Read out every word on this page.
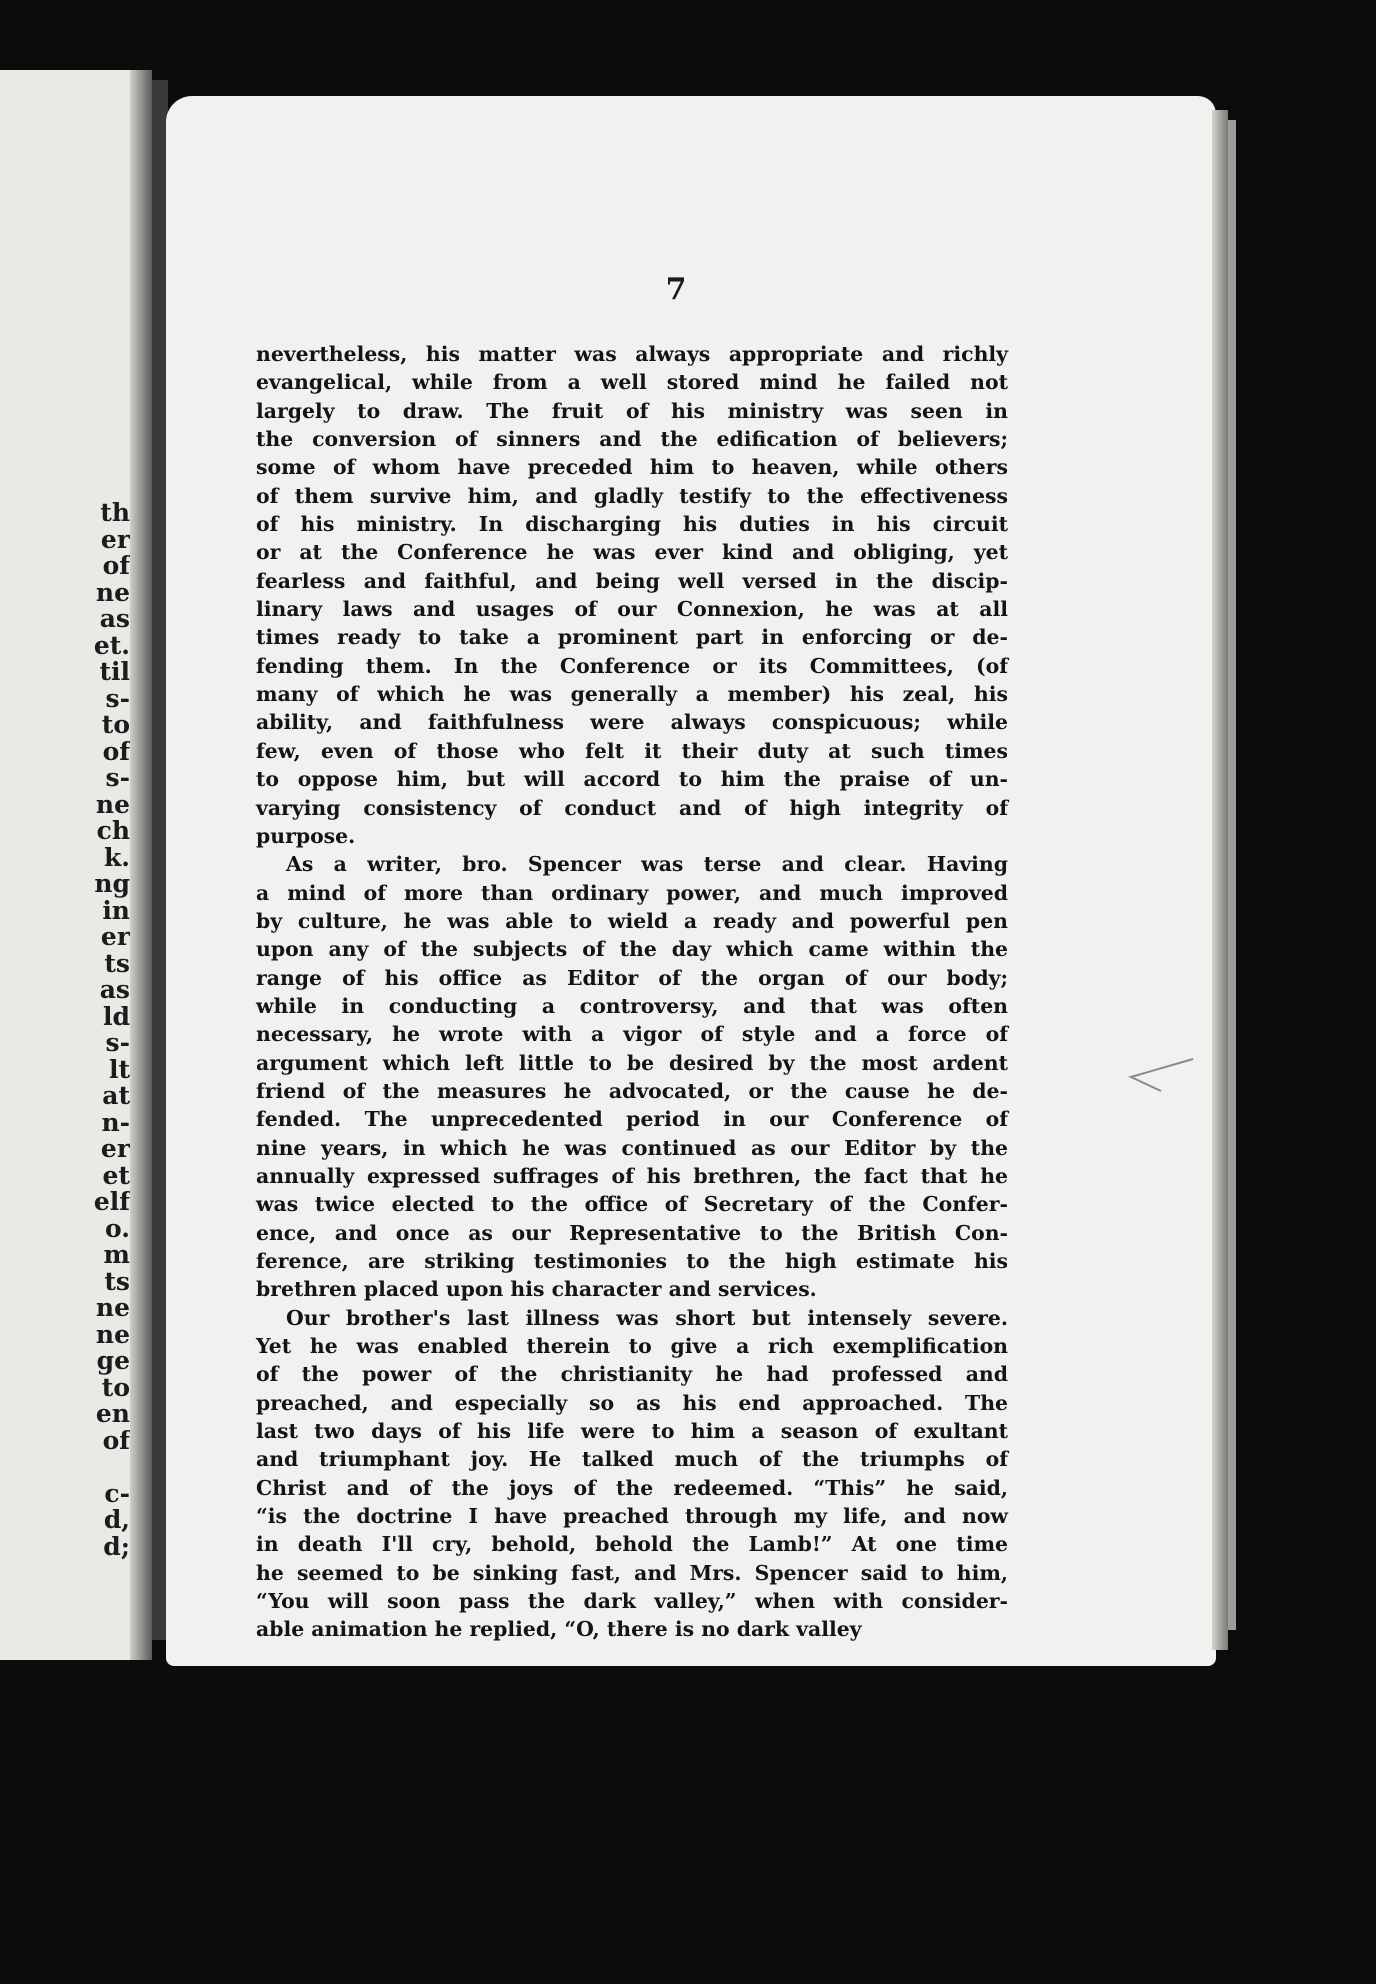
th
er
of
ne
as
et.
til
s-
to
of
s-
ne
ch
k.
ng
in
er
ts
as
ld
s-
lt
at
n-
er
et
elf
o.
m
ts
ne
ne
ge
to
en
of
c-
d,
d;
7
nevertheless, his matter was always appropriate and richly
evangelical, while from a well stored mind he failed not
largely to draw. The fruit of his ministry was seen in
the conversion of sinners and the edification of believers;
some of whom have preceded him to heaven, while others
of them survive him, and gladly testify to the effectiveness
of his ministry. In discharging his duties in his circuit
or at the Conference he was ever kind and obliging, yet
fearless and faithful, and being well versed in the discip-
linary laws and usages of our Connexion, he was at all
times ready to take a prominent part in enforcing or de-
fending them. In the Conference or its Committees, (of
many of which he was generally a member) his zeal, his
ability, and faithfulness were always conspicuous; while
few, even of those who felt it their duty at such times
to oppose him, but will accord to him the praise of un-
varying consistency of conduct and of high integrity of
purpose.
As a writer, bro. Spencer was terse and clear. Having
a mind of more than ordinary power, and much improved
by culture, he was able to wield a ready and powerful pen
upon any of the subjects of the day which came within the
range of his office as Editor of the organ of our body;
while in conducting a controversy, and that was often
necessary, he wrote with a vigor of style and a force of
argument which left little to be desired by the most ardent
friend of the measures he advocated, or the cause he de-
fended. The unprecedented period in our Conference of
nine years, in which he was continued as our Editor by the
annually expressed suffrages of his brethren, the fact that he
was twice elected to the office of Secretary of the Confer-
ence, and once as our Representative to the British Con-
ference, are striking testimonies to the high estimate his
brethren placed upon his character and services.
Our brother's last illness was short but intensely severe.
Yet he was enabled therein to give a rich exemplification
of the power of the christianity he had professed and
preached, and especially so as his end approached. The
last two days of his life were to him a season of exultant
and triumphant joy. He talked much of the triumphs of
Christ and of the joys of the redeemed. “This” he said,
“is the doctrine I have preached through my life, and now
in death I'll cry, behold, behold the Lamb!” At one time
he seemed to be sinking fast, and Mrs. Spencer said to him,
“You will soon pass the dark valley,” when with consider-
able animation he replied, “O, there is no dark valley
